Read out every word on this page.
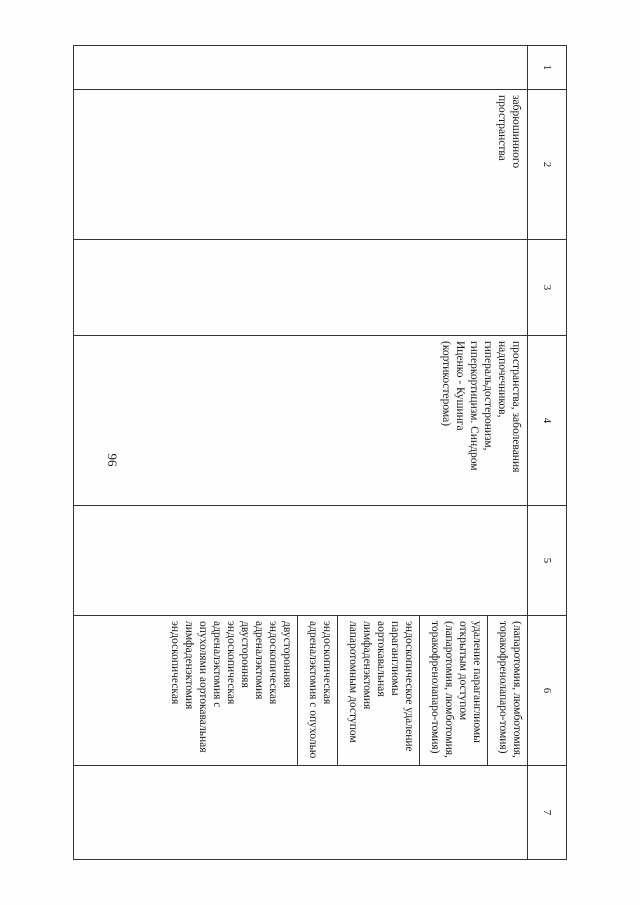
96
1	2	3	4	5	6	7
	забрюшинного пространства		пространства, заболевания надпочечников, гиперальдостеронизм, гиперкортицизм. Синдром Иценко - Кушинга (кортикостерома)		(лапаротомия, люмботомия, торакофренолапаро-томия)
удаление параганглиомы открытым доступом (лапаротомия, люмботомия, торакофренолапаро-томия)
эндоскопическое удаление параганглиомы аортокавальная лимфаденэктомия лапаротомным доступом
эндоскопическая адреналэктомия с опухолью
двусторонняя эндоскопическая адреналэктомия двусторонняя эндоскопическая адреналэктомия с опухолями аортокавальная лимфаденэктомия эндоскопическая	
